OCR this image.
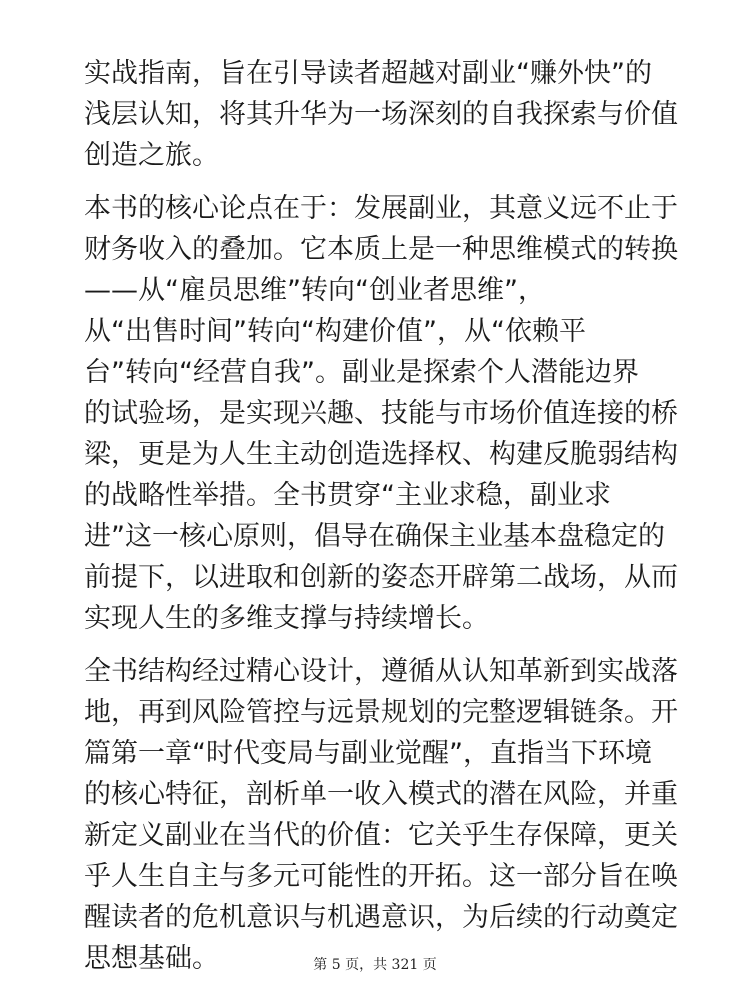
实战指南，旨在引导读者超越对副业“赚外快”的
浅层认知，将其升华为一场深刻的自我探索与价值
创造之旅。

本书的核心论点在于：发展副业，其意义远不止于
财务收入的叠加。它本质上是一种思维模式的转换
——从“雇员思维”转向“创业者思维”，
从“出售时间”转向“构建价值”，从“依赖平
台”转向“经营自我”。副业是探索个人潜能边界
的试验场，是实现兴趣、技能与市场价值连接的桥
梁，更是为人生主动创造选择权、构建反脆弱结构
的战略性举措。全书贯穿“主业求稳，副业求
进”这一核心原则，倡导在确保主业基本盘稳定的
前提下，以进取和创新的姿态开辟第二战场，从而
实现人生的多维支撑与持续增长。

全书结构经过精心设计，遵循从认知革新到实战落
地，再到风险管控与远景规划的完整逻辑链条。开
篇第一章“时代变局与副业觉醒”，直指当下环境
的核心特征，剖析单一收入模式的潜在风险，并重
新定义副业在当代的价值：它关乎生存保障，更关
乎人生自主与多元可能性的开拓。这一部分旨在唤
醒读者的危机意识与机遇意识，为后续的行动奠定
思想基础。	第 5 页，共 321 页
